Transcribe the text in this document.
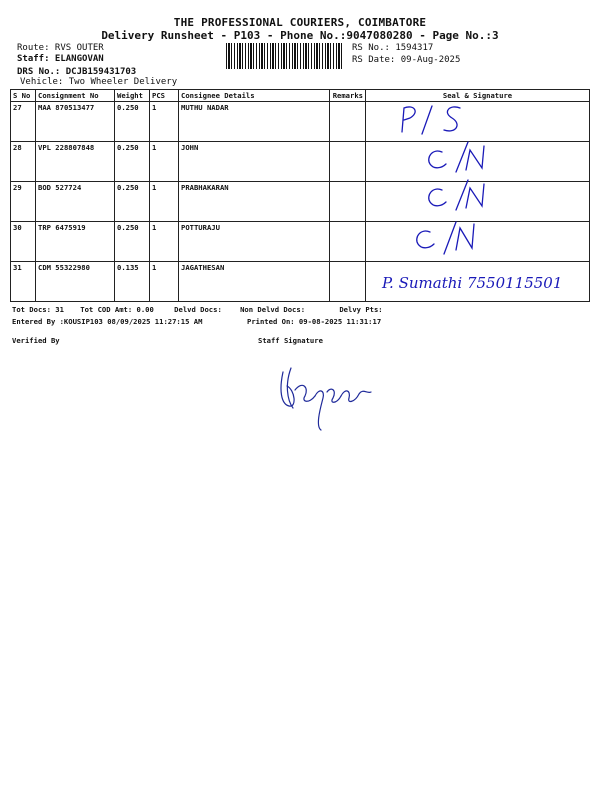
THE PROFESSIONAL COURIERS, COIMBATORE
Delivery Runsheet - P103 - Phone No.:9047080280 - Page No.:3
Route: RVS OUTER
Staff: ELANGOVAN
DRS No.: DCJB159431703
Vehicle: Two Wheeler Delivery
RS No.: 1594317
RS Date: 09-Aug-2025
S No	Consignment No	Weight	PCS	Consignee Details	Remarks	Seal & Signature
27	MAA 870513477	0.250	1	MUTHU NADAR		
28	VPL 228807848	0.250	1	JOHN		
29	BOD 527724	0.250	1	PRABHAKARAN		
30	TRP 6475919	0.250	1	POTTURAJU		
31	CDM 55322980	0.135	1	JAGATHESAN		
P. Sumathi 7550115501
Tot Docs: 31 Tot COD Amt: 0.00	Delvd Docs:	Non Delvd Docs:	Delvy Pts:
Entered By :KOUSIP103 08/09/2025 11:27:15 AM	Printed On: 09-08-2025 11:31:17
Verified By	Staff Signature
